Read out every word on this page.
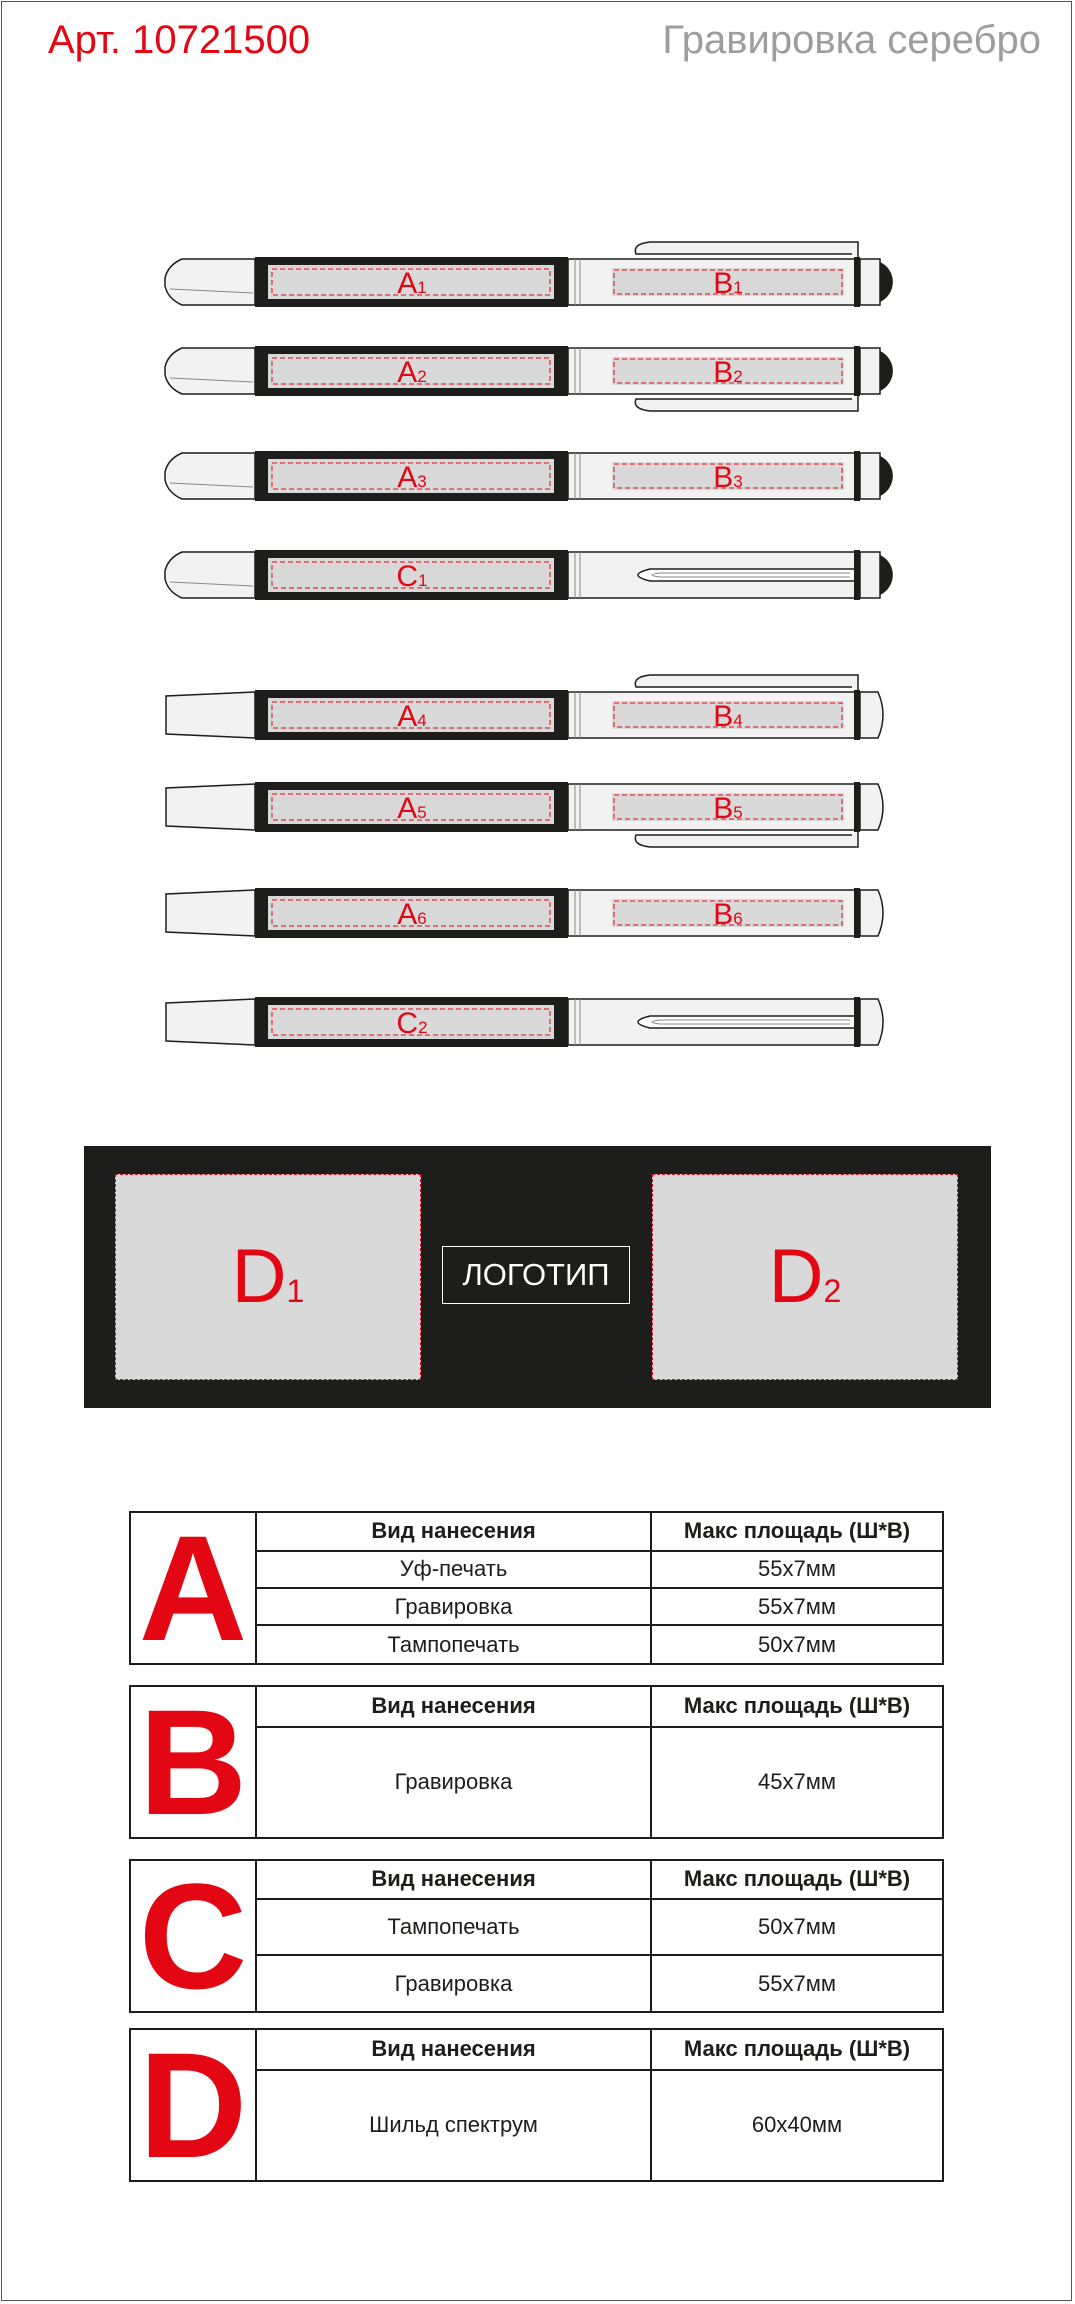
Арт. 10721500	Гравировка серебро
A1	B1
A2	B2
A3	B3
C1
A4	B4
A5	B5
A6	B6
C2
D1	ЛОГОТИП	D2
A	Вид нанесения	Макс площадь (Ш*В)
	Уф-печать	55x7мм
	Гравировка	55x7мм
	Тампопечать	50x7мм
B	Вид нанесения	Макс площадь (Ш*В)
	Гравировка	45x7мм
C	Вид нанесения	Макс площадь (Ш*В)
	Тампопечать	50x7мм
	Гравировка	55x7мм
D	Вид нанесения	Макс площадь (Ш*В)
	Шильд спектрум	60x40мм
